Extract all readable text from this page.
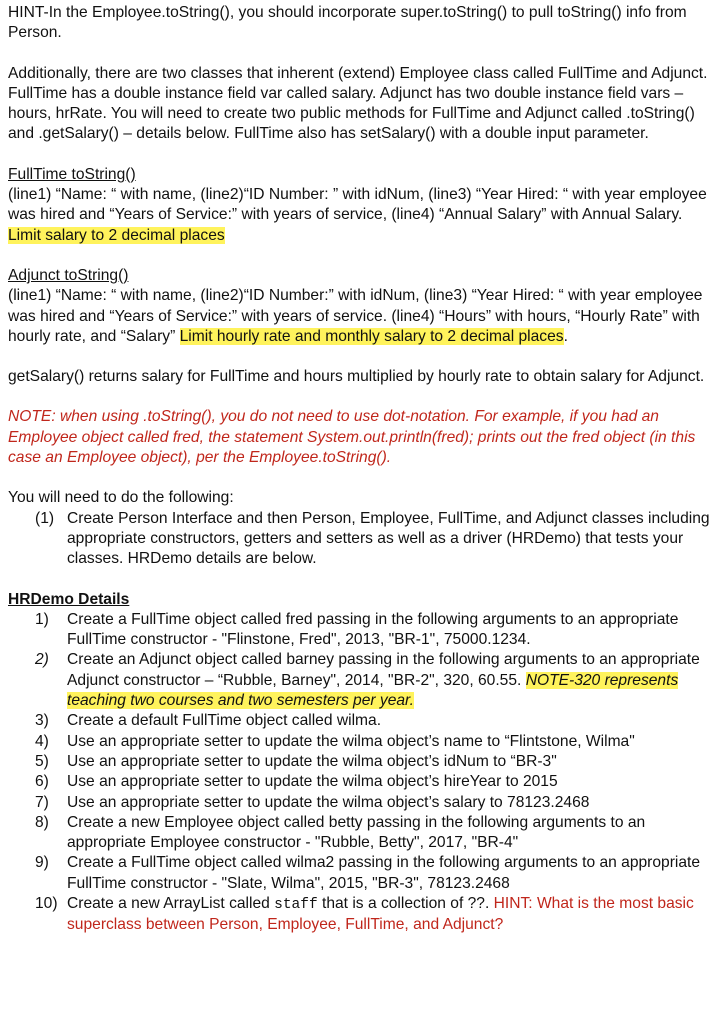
HINT-In the Employee.toString(), you should incorporate super.toString() to pull toString() info from Person.

Additionally, there are two classes that inherent (extend) Employee class called FullTime and Adjunct. FullTime has a double instance field var called salary. Adjunct has two double instance field vars – hours, hrRate. You will need to create two public methods for FullTime and Adjunct called .toString() and .getSalary() – details below. FullTime also has setSalary() with a double input parameter.

FullTime toString()

(line1) “Name: “ with name, (line2)“ID Number: ” with idNum, (line3) “Year Hired: “ with year employee was hired and “Years of Service:” with years of service, (line4) “Annual Salary” with Annual Salary. Limit salary to 2 decimal places

Adjunct toString()

(line1) “Name: “ with name, (line2)“ID Number:” with idNum, (line3) “Year Hired: “ with year employee was hired and “Years of Service:” with years of service. (line4) “Hours” with hours, “Hourly Rate” with hourly rate, and “Salary” Limit hourly rate and monthly salary to 2 decimal places.

getSalary() returns salary for FullTime and hours multiplied by hourly rate to obtain salary for Adjunct.

NOTE: when using .toString(), you do not need to use dot-notation. For example, if you had an Employee object called fred, the statement System.out.println(fred); prints out the fred object (in this case an Employee object), per the Employee.toString().

You will need to do the following:

(1) Create Person Interface and then Person, Employee, FullTime, and Adjunct classes including appropriate constructors, getters and setters as well as a driver (HRDemo) that tests your classes. HRDemo details are below.

HRDemo Details

1) Create a FullTime object called fred passing in the following arguments to an appropriate FullTime constructor - "Flinstone, Fred", 2013, "BR-1", 75000.1234.
2) Create an Adjunct object called barney passing in the following arguments to an appropriate Adjunct constructor – “Rubble, Barney", 2014, "BR-2", 320, 60.55. NOTE-320 represents teaching two courses and two semesters per year.
3) Create a default FullTime object called wilma.
4) Use an appropriate setter to update the wilma object’s name to “Flintstone, Wilma"
5) Use an appropriate setter to update the wilma object’s idNum to “BR-3"
6) Use an appropriate setter to update the wilma object’s hireYear to 2015
7) Use an appropriate setter to update the wilma object’s salary to 78123.2468
8) Create a new Employee object called betty passing in the following arguments to an appropriate Employee constructor - "Rubble, Betty", 2017, "BR-4"
9) Create a FullTime object called wilma2 passing in the following arguments to an appropriate FullTime constructor - "Slate, Wilma", 2015, "BR-3", 78123.2468
10) Create a new ArrayList called staff that is a collection of ??. HINT: What is the most basic superclass between Person, Employee, FullTime, and Adjunct?
